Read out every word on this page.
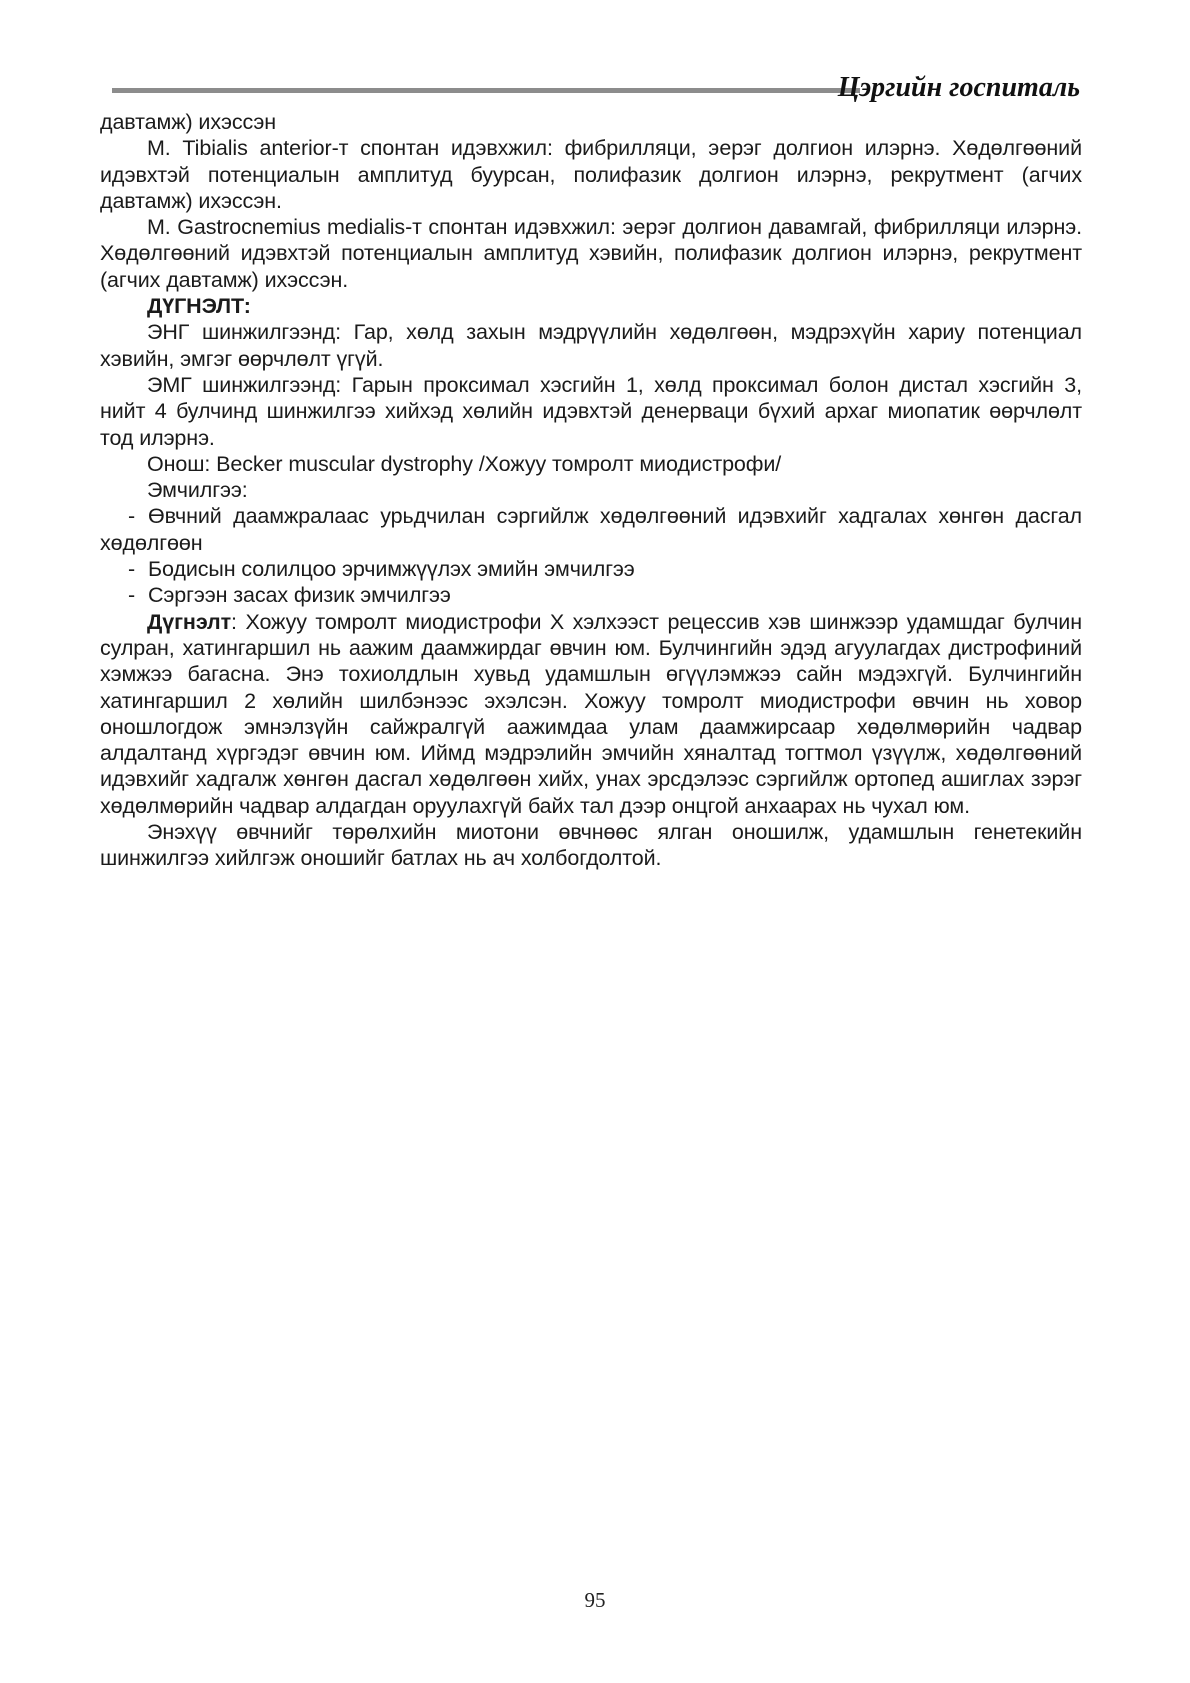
Цэргийн госпиталь

давтамж) ихэссэн

М. Tibialis anterior-т спонтан идэвхжил: фибрилляци, эерэг долгион илэрнэ. Хөдөлгөөний идэвхтэй потенциалын амплитуд буурсан, полифазик долгион илэрнэ, рекрутмент (агчих давтамж) ихэссэн.

М. Gastrocnemius medialis-т спонтан идэвхжил: эерэг долгион давамгай, фибрилляци илэрнэ. Хөдөлгөөний идэвхтэй потенциалын амплитуд хэвийн, полифазик долгион илэрнэ, рекрутмент (агчих давтамж) ихэссэн.

ДҮГНЭЛТ:

ЭНГ шинжилгээнд: Гар, хөлд захын мэдрүүлийн хөдөлгөөн, мэдрэхүйн хариу потенциал хэвийн, эмгэг өөрчлөлт үгүй.

ЭМГ шинжилгээнд: Гарын проксимал хэсгийн 1, хөлд проксимал болон дистал хэсгийн 3, нийт 4 булчинд шинжилгээ хийхэд хөлийн идэвхтэй денерваци бүхий архаг миопатик өөрчлөлт тод илэрнэ.

Онош: Becker muscular dystrophy /Хожуу томролт миодистрофи/

Эмчилгээ:

- Өвчний даамжралаас урьдчилан сэргийлж хөдөлгөөний идэвхийг хадгалах хөнгөн дасгал хөдөлгөөн

- Бодисын солилцоо эрчимжүүлэх эмийн эмчилгээ

- Сэргээн засах физик эмчилгээ

Дүгнэлт: Хожуу томролт миодистрофи Х хэлхээст рецессив хэв шинжээр удамшдаг булчин сулран, хатингаршил нь аажим даамжирдаг өвчин юм. Булчингийн эдэд агуулагдах дистрофиний хэмжээ багасна. Энэ тохиолдлын хувьд удамшлын өгүүлэмжээ сайн мэдэхгүй. Булчингийн хатингаршил 2 хөлийн шилбэнээс эхэлсэн. Хожуу томролт миодистрофи өвчин нь ховор оношлогдож эмнэлзүйн сайжралгүй аажимдаа улам даамжирсаар хөдөлмөрийн чадвар алдалтанд хүргэдэг өвчин юм. Иймд мэдрэлийн эмчийн хяналтад тогтмол үзүүлж, хөдөлгөөний идэвхийг хадгалж хөнгөн дасгал хөдөлгөөн хийх, унах эрсдэлээс сэргийлж ортопед ашиглах зэрэг хөдөлмөрийн чадвар алдагдан оруулахгүй байх тал дээр онцгой анхаарах нь чухал юм.

Энэхүү өвчнийг төрөлхийн миотони өвчнөөс ялган оношилж, удамшлын генетекийн шинжилгээ хийлгэж оношийг батлах нь ач холбогдолтой.

95
